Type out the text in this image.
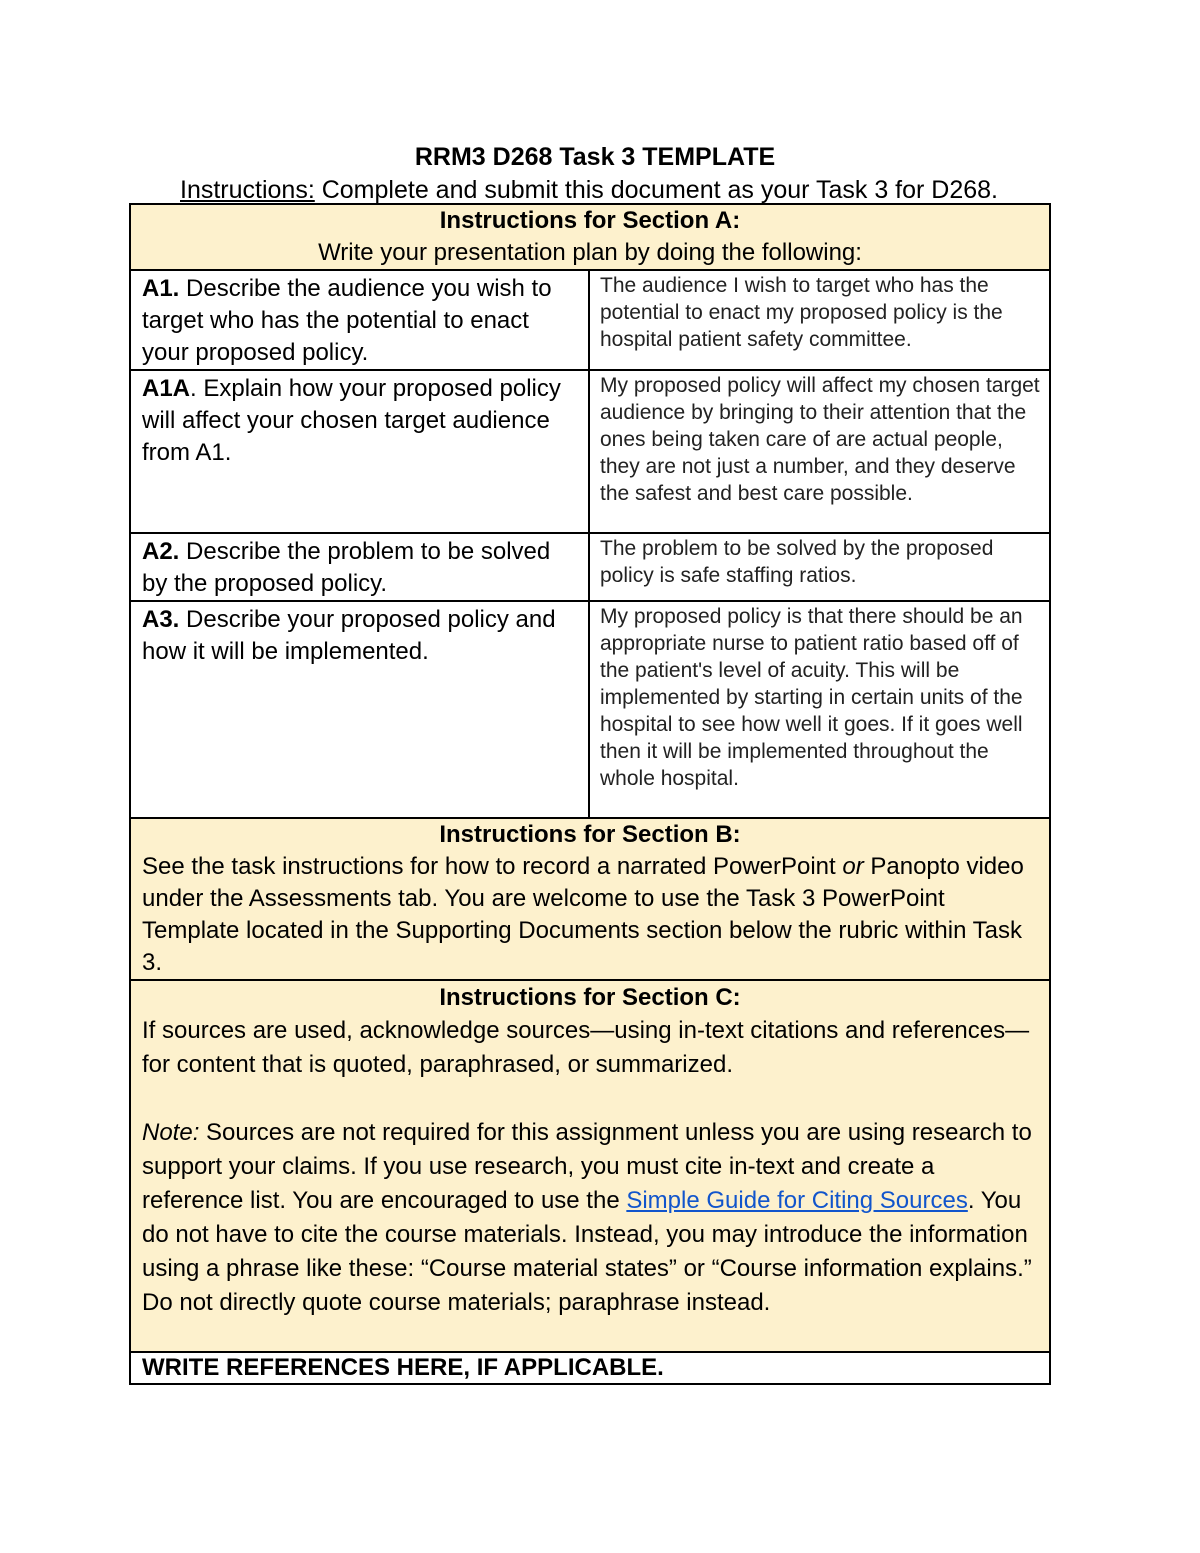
RRM3 D268 Task 3 TEMPLATE
Instructions: Complete and submit this document as your Task 3 for D268.
Instructions for Section A:
Write your presentation plan by doing the following:	

A1. Describe the audience you wish to target who has the potential to enact your proposed policy.	The audience I wish to target who has the potential to enact my proposed policy is the hospital patient safety committee.
A1A. Explain how your proposed policy will affect your chosen target audience from A1.	My proposed policy will affect my chosen target audience by bringing to their attention that the ones being taken care of are actual people, they are not just a number, and they deserve the safest and best care possible.
A2. Describe the problem to be solved by the proposed policy.	The problem to be solved by the proposed policy is safe staffing ratios.
A3. Describe your proposed policy and how it will be implemented.	My proposed policy is that there should be an appropriate nurse to patient ratio based off of the patient's level of acuity. This will be implemented by starting in certain units of the hospital to see how well it goes. If it goes well then it will be implemented throughout the whole hospital.

Instructions for Section B:
See the task instructions for how to record a narrated PowerPoint or Panopto video under the Assessments tab. You are welcome to use the Task 3 PowerPoint Template located in the Supporting Documents section below the rubric within Task 3.	

Instructions for Section C:
If sources are used, acknowledge sources—using in-text citations and references—for content that is quoted, paraphrased, or summarized.
Note: Sources are not required for this assignment unless you are using research to support your claims. If you use research, you must cite in-text and create a reference list. You are encouraged to use the Simple Guide for Citing Sources. You do not have to cite the course materials. Instead, you may introduce the information using a phrase like these: “Course material states” or “Course information explains.” Do not directly quote course materials; paraphrase instead.	

WRITE REFERENCES HERE, IF APPLICABLE.	
